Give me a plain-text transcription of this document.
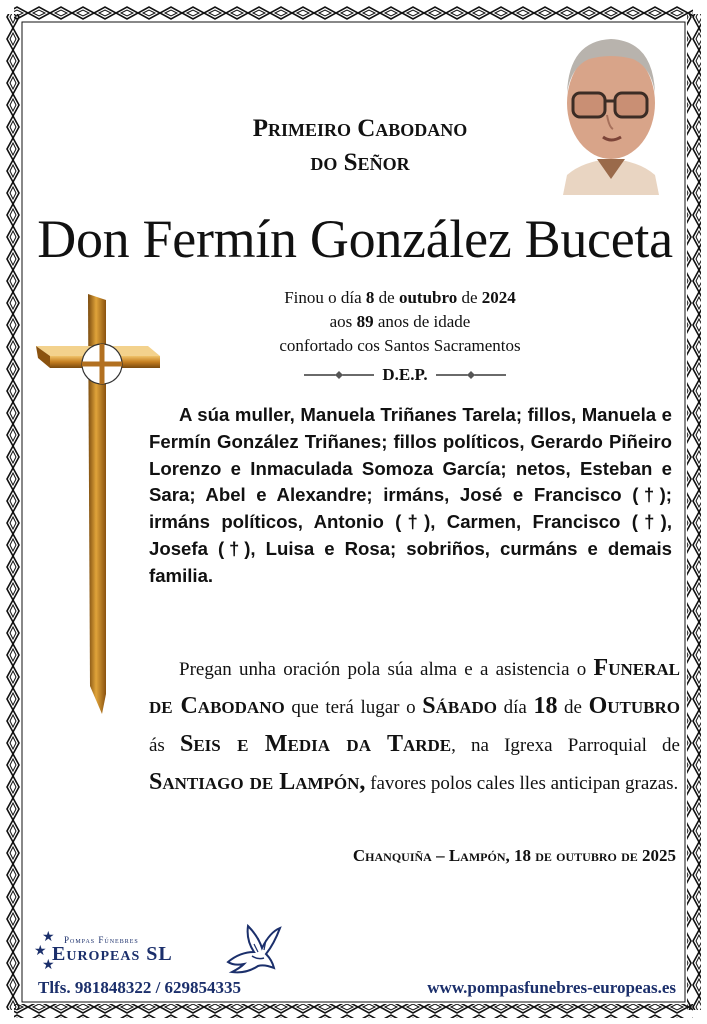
Primeiro Cabodano
do Señor
Don Fermín González Buceta
Finou o día 8 de outubro de 2024
aos 89 anos de idade
confortado cos Santos Sacramentos
D.E.P.
A súa muller, Manuela Triñanes Tarela; fillos, Manuela e Fermín González Triñanes; fillos políticos, Gerardo Piñeiro Lorenzo e Inmaculada Somoza García; netos, Esteban e Sara; Abel e Alexandre; irmáns, José e Francisco (†); irmáns políticos, Antonio (†), Carmen, Francisco (†), Josefa (†), Luisa e Rosa; sobriños, curmáns e demais familia.
Pregan unha oración pola súa alma e a asistencia o Funeral de Cabodano que terá lugar o Sábado día 18 de Outubro ás Seis e Media da Tarde, na Igrexa Parroquial de Santiago de Lampón, favores polos cales lles anticipan grazas.
Chanquiña – Lampón, 18 de outubro de 2025
★
★
★
Pompas Fúnebres
Europeas SL
Tlfs. 981848322 / 629854335	www.pompasfunebres-europeas.es
